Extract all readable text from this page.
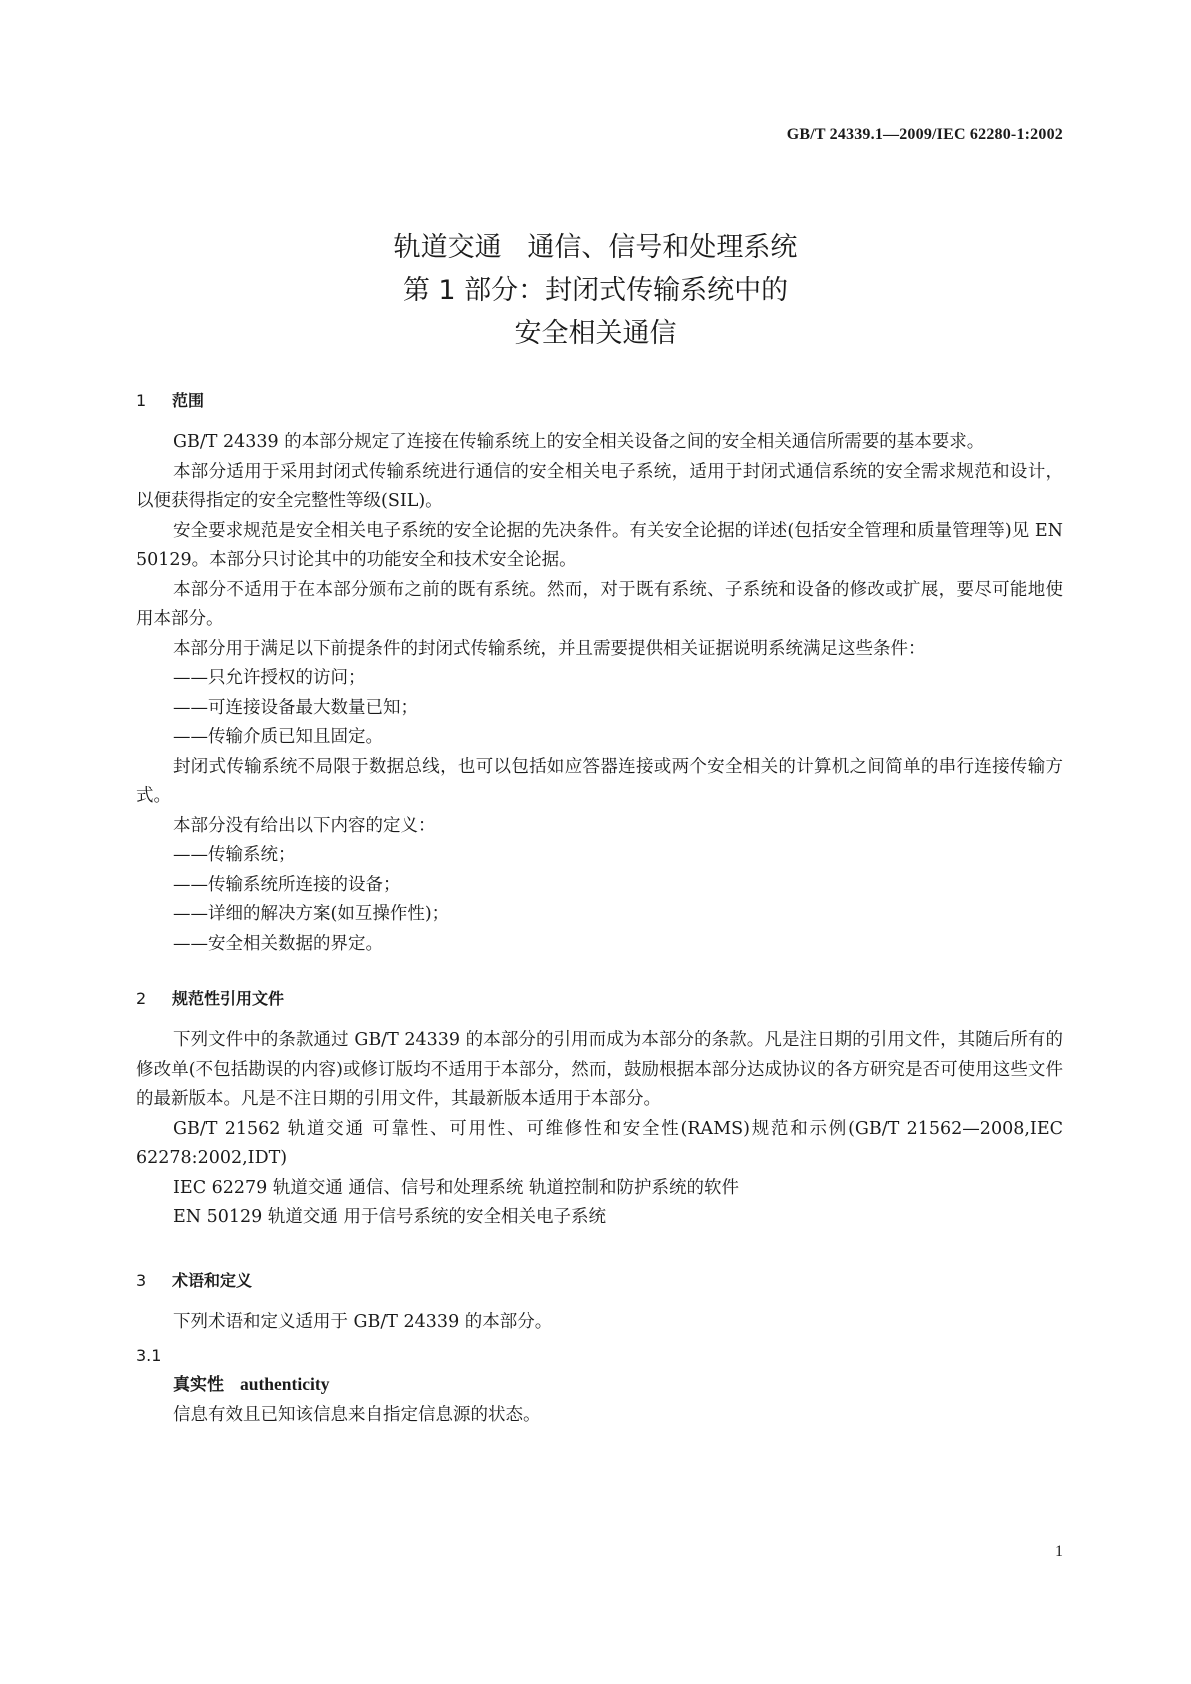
GB/T 24339.1—2009/IEC 62280-1:2002
轨道交通   通信、信号和处理系统
第 1 部分：封闭式传输系统中的
安全相关通信

1 范围

GB/T 24339 的本部分规定了连接在传输系统上的安全相关设备之间的安全相关通信所需要的基本要求。

本部分适用于采用封闭式传输系统进行通信的安全相关电子系统，适用于封闭式通信系统的安全需求规范和设计，以便获得指定的安全完整性等级(SIL)。

安全要求规范是安全相关电子系统的安全论据的先决条件。有关安全论据的详述(包括安全管理和质量管理等)见 EN 50129。本部分只讨论其中的功能安全和技术安全论据。

本部分不适用于在本部分颁布之前的既有系统。然而，对于既有系统、子系统和设备的修改或扩展，要尽可能地使用本部分。

本部分用于满足以下前提条件的封闭式传输系统，并且需要提供相关证据说明系统满足这些条件：

——只允许授权的访问；

——可连接设备最大数量已知；

——传输介质已知且固定。

封闭式传输系统不局限于数据总线，也可以包括如应答器连接或两个安全相关的计算机之间简单的串行连接传输方式。

本部分没有给出以下内容的定义：

——传输系统；

——传输系统所连接的设备；

——详细的解决方案(如互操作性)；

——安全相关数据的界定。

2 规范性引用文件

下列文件中的条款通过 GB/T 24339 的本部分的引用而成为本部分的条款。凡是注日期的引用文件，其随后所有的修改单(不包括勘误的内容)或修订版均不适用于本部分，然而，鼓励根据本部分达成协议的各方研究是否可使用这些文件的最新版本。凡是不注日期的引用文件，其最新版本适用于本部分。

GB/T 21562 轨道交通 可靠性、可用性、可维修性和安全性(RAMS)规范和示例(GB/T 21562—2008,IEC 62278:2002,IDT)

IEC 62279 轨道交通 通信、信号和处理系统 轨道控制和防护系统的软件

EN 50129 轨道交通 用于信号系统的安全相关电子系统

3 术语和定义

下列术语和定义适用于 GB/T 24339 的本部分。

3.1

真实性 authenticity

信息有效且已知该信息来自指定信息源的状态。

1
